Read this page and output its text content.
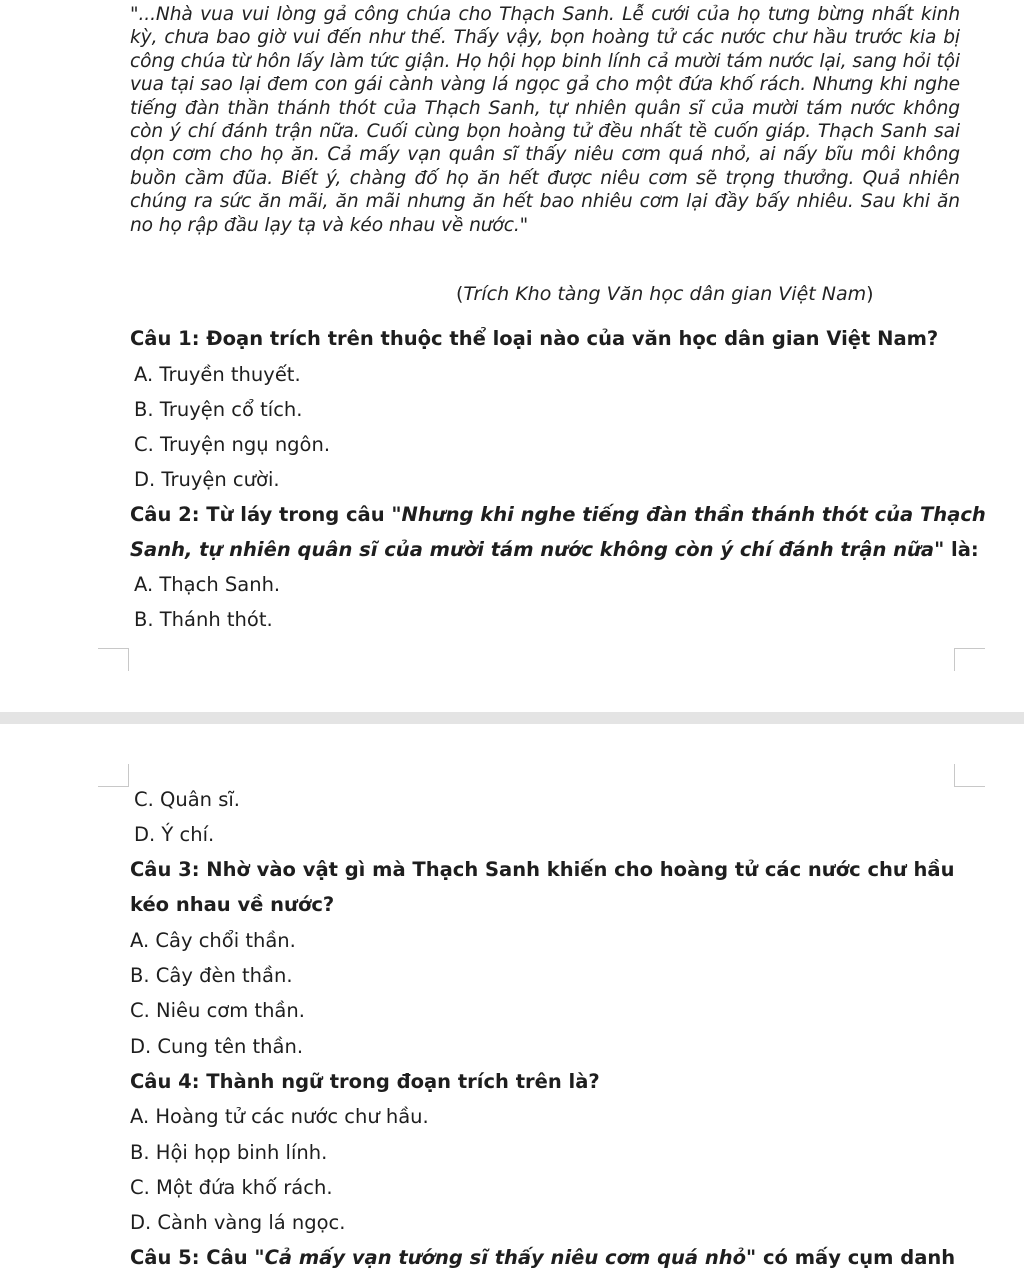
"...Nhà vua vui lòng gả công chúa cho Thạch Sanh. Lễ cưới của họ tưng bừng nhất kinh kỳ, chưa bao giờ vui đến như thế. Thấy vậy, bọn hoàng tử các nước chư hầu trước kia bị công chúa từ hôn lấy làm tức giận. Họ hội họp binh lính cả mười tám nước lại, sang hỏi tội vua tại sao lại đem con gái cành vàng lá ngọc gả cho một đứa khố rách. Nhưng khi nghe tiếng đàn thần thánh thót của Thạch Sanh, tự nhiên quân sĩ của mười tám nước không còn ý chí đánh trận nữa. Cuối cùng bọn hoàng tử đều nhất tề cuốn giáp. Thạch Sanh sai dọn cơm cho họ ăn. Cả mấy vạn quân sĩ thấy niêu cơm quá nhỏ, ai nấy bĩu môi không buồn cầm đũa. Biết ý, chàng đố họ ăn hết được niêu cơm sẽ trọng thưởng. Quả nhiên chúng ra sức ăn mãi, ăn mãi nhưng ăn hết bao nhiêu cơm lại đầy bấy nhiêu. Sau khi ăn no họ rập đầu lạy tạ và kéo nhau về nước."

(Trích Kho tàng Văn học dân gian Việt Nam)
Câu 1: Đoạn trích trên thuộc thể loại nào của văn học dân gian Việt Nam?
A. Truyền thuyết.
B. Truyện cổ tích.
C. Truyện ngụ ngôn.
D. Truyện cười.
Câu 2: Từ láy trong câu "Nhưng khi nghe tiếng đàn thần thánh thót của Thạch
Sanh, tự nhiên quân sĩ của mười tám nước không còn ý chí đánh trận nữa" là:
A. Thạch Sanh.
B. Thánh thót.
C. Quân sĩ.
D. Ý chí.
Câu 3: Nhờ vào vật gì mà Thạch Sanh khiến cho hoàng tử các nước chư hầu
kéo nhau về nước?
A. Cây chổi thần.
B. Cây đèn thần.
C. Niêu cơm thần.
D. Cung tên thần.
Câu 4: Thành ngữ trong đoạn trích trên là?
A. Hoàng tử các nước chư hầu.
B. Hội họp binh lính.
C. Một đứa khố rách.
D. Cành vàng lá ngọc.
Câu 5: Câu "Cả mấy vạn tướng sĩ thấy niêu cơm quá nhỏ" có mấy cụm danh
